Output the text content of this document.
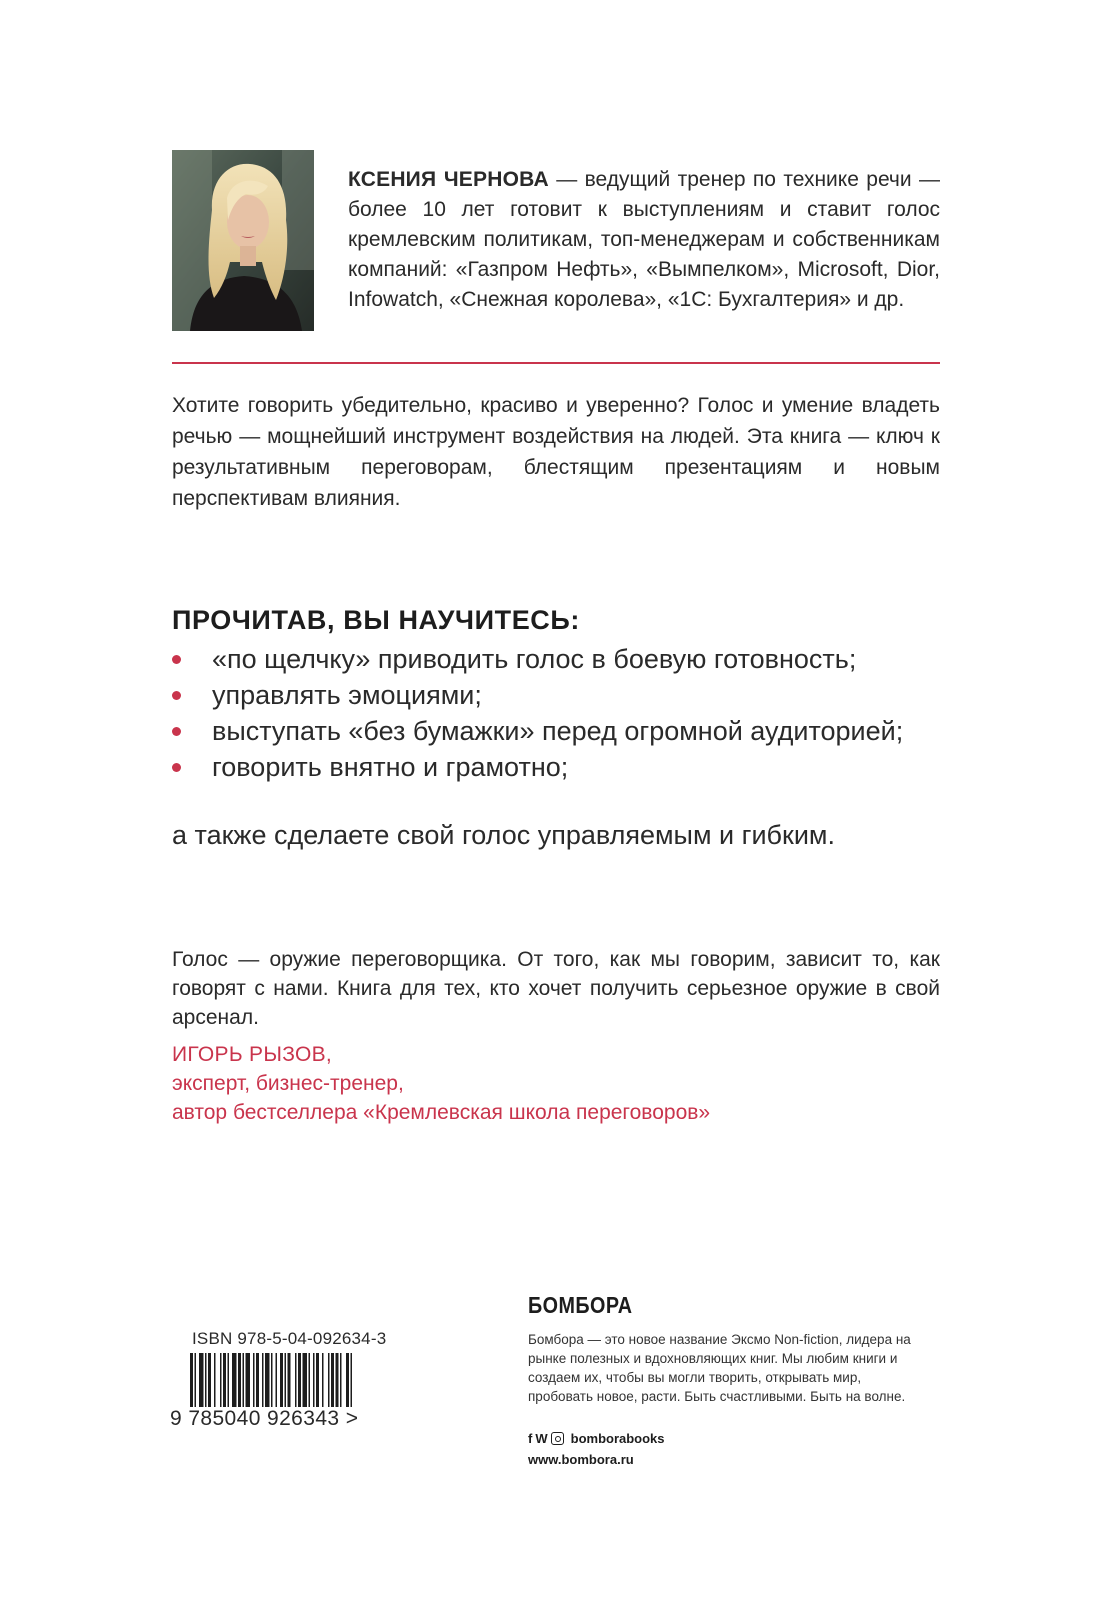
КСЕНИЯ ЧЕРНОВА — ведущий тренер по технике речи — более 10 лет готовит к выступлениям и ставит голос кремлевским политикам, топ-менеджерам и собственникам компаний: «Газпром Нефть», «Вымпелком», Microsoft, Dior, Infowatch, «Снежная королева», «1С: Бухгалтерия» и др.

Хотите говорить убедительно, красиво и уверенно? Голос и умение владеть речью — мощнейший инструмент воздействия на людей. Эта книга — ключ к результативным переговорам, блестящим презентациям и новым перспективам влияния.

ПРОЧИТАВ, ВЫ НАУЧИТЕСЬ:
«по щелчку» приводить голос в боевую готовность;
управлять эмоциями;
выступать «без бумажки» перед огромной аудиторией;
говорить внятно и грамотно;

а также сделаете свой голос управляемым и гибким.

Голос — оружие переговорщика. От того, как мы говорим, зависит то, как говорят с нами. Книга для тех, кто хочет получить серьезное оружие в свой арсенал.

ИГОРЬ РЫЗОВ,
эксперт, бизнес-тренер,
автор бестселлера «Кремлевская школа переговоров»

ISBN 978-5-04-092634-3
9 785040 926343 >
БОМБОРА

Бомбора — это новое название Эксмо Non-fiction, лидера на рынке полезных и вдохновляющих книг. Мы любим книги и создаем их, чтобы вы могли творить, открывать мир, пробовать новое, расти. Быть счастливыми. Быть на волне.

f W bomborabooks
www.bombora.ru
